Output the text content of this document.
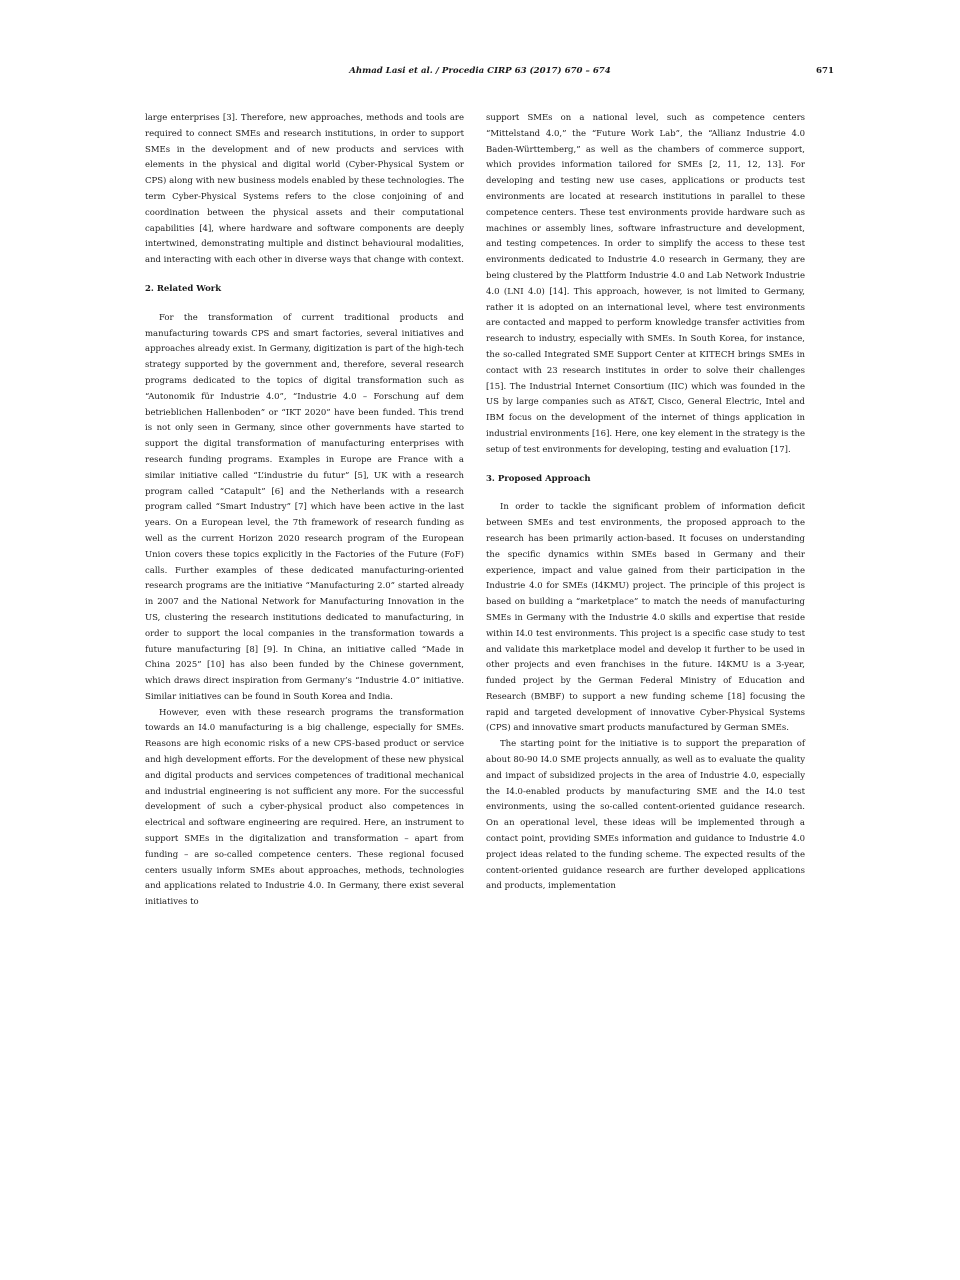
Ahmad Lasi et al. / Procedia CIRP 63 (2017) 670 – 674	671

large enterprises [3]. Therefore, new approaches, methods and tools are required to connect SMEs and research institutions, in order to support SMEs in the development and of new products and services with elements in the physical and digital world (Cyber-Physical System or CPS) along with new business models enabled by these technologies. The term Cyber-Physical Systems refers to the close conjoining of and coordination between the physical assets and their computational capabilities [4], where hardware and software components are deeply intertwined, demonstrating multiple and distinct behavioural modalities, and interacting with each other in diverse ways that change with context.

2. Related Work

For the transformation of current traditional products and manufacturing towards CPS and smart factories, several initiatives and approaches already exist. In Germany, digitization is part of the high-tech strategy supported by the government and, therefore, several research programs dedicated to the topics of digital transformation such as “Autonomik für Industrie 4.0”, “Industrie 4.0 – Forschung auf dem betrieblichen Hallenboden” or “IKT 2020” have been funded. This trend is not only seen in Germany, since other governments have started to support the digital transformation of manufacturing enterprises with research funding programs. Examples in Europe are France with a similar initiative called “L’industrie du futur” [5], UK with a research program called “Catapult” [6] and the Netherlands with a research program called “Smart Industry” [7] which have been active in the last years. On a European level, the 7th framework of research funding as well as the current Horizon 2020 research program of the European Union covers these topics explicitly in the Factories of the Future (FoF) calls. Further examples of these dedicated manufacturing-oriented research programs are the initiative “Manufacturing 2.0” started already in 2007 and the National Network for Manufacturing Innovation in the US, clustering the research institutions dedicated to manufacturing, in order to support the local companies in the transformation towards a future manufacturing [8] [9]. In China, an initiative called “Made in China 2025” [10] has also been funded by the Chinese government, which draws direct inspiration from Germany’s “Industrie 4.0” initiative. Similar initiatives can be found in South Korea and India.

However, even with these research programs the transformation towards an I4.0 manufacturing is a big challenge, especially for SMEs. Reasons are high economic risks of a new CPS-based product or service and high development efforts. For the development of these new physical and digital products and services competences of traditional mechanical and industrial engineering is not sufficient any more. For the successful development of such a cyber-physical product also competences in electrical and software engineering are required. Here, an instrument to support SMEs in the digitalization and transformation – apart from funding – are so-called competence centers. These regional focused centers usually inform SMEs about approaches, methods, technologies and applications related to Industrie 4.0. In Germany, there exist several initiatives to

support SMEs on a national level, such as competence centers “Mittelstand 4.0,” the “Future Work Lab”, the “Allianz Industrie 4.0 Baden-Württemberg,” as well as the chambers of commerce support, which provides information tailored for SMEs [2, 11, 12, 13]. For developing and testing new use cases, applications or products test environments are located at research institutions in parallel to these competence centers. These test environments provide hardware such as machines or assembly lines, software infrastructure and development, and testing competences. In order to simplify the access to these test environments dedicated to Industrie 4.0 research in Germany, they are being clustered by the Plattform Industrie 4.0 and Lab Network Industrie 4.0 (LNI 4.0) [14]. This approach, however, is not limited to Germany, rather it is adopted on an international level, where test environments are contacted and mapped to perform knowledge transfer activities from research to industry, especially with SMEs. In South Korea, for instance, the so-called Integrated SME Support Center at KITECH brings SMEs in contact with 23 research institutes in order to solve their challenges [15]. The Industrial Internet Consortium (IIC) which was founded in the US by large companies such as AT&T, Cisco, General Electric, Intel and IBM focus on the development of the internet of things application in industrial environments [16]. Here, one key element in the strategy is the setup of test environments for developing, testing and evaluation [17].

3. Proposed Approach

In order to tackle the significant problem of information deficit between SMEs and test environments, the proposed approach to the research has been primarily action-based. It focuses on understanding the specific dynamics within SMEs based in Germany and their experience, impact and value gained from their participation in the Industrie 4.0 for SMEs (I4KMU) project. The principle of this project is based on building a “marketplace” to match the needs of manufacturing SMEs in Germany with the Industrie 4.0 skills and expertise that reside within I4.0 test environments. This project is a specific case study to test and validate this marketplace model and develop it further to be used in other projects and even franchises in the future. I4KMU is a 3-year, funded project by the German Federal Ministry of Education and Research (BMBF) to support a new funding scheme [18] focusing the rapid and targeted development of innovative Cyber-Physical Systems (CPS) and innovative smart products manufactured by German SMEs.

The starting point for the initiative is to support the preparation of about 80-90 I4.0 SME projects annually, as well as to evaluate the quality and impact of subsidized projects in the area of Industrie 4.0, especially the I4.0-enabled products by manufacturing SME and the I4.0 test environments, using the so-called content-oriented guidance research. On an operational level, these ideas will be implemented through a contact point, providing SMEs information and guidance to Industrie 4.0 project ideas related to the funding scheme. The expected results of the content-oriented guidance research are further developed applications and products, implementation
